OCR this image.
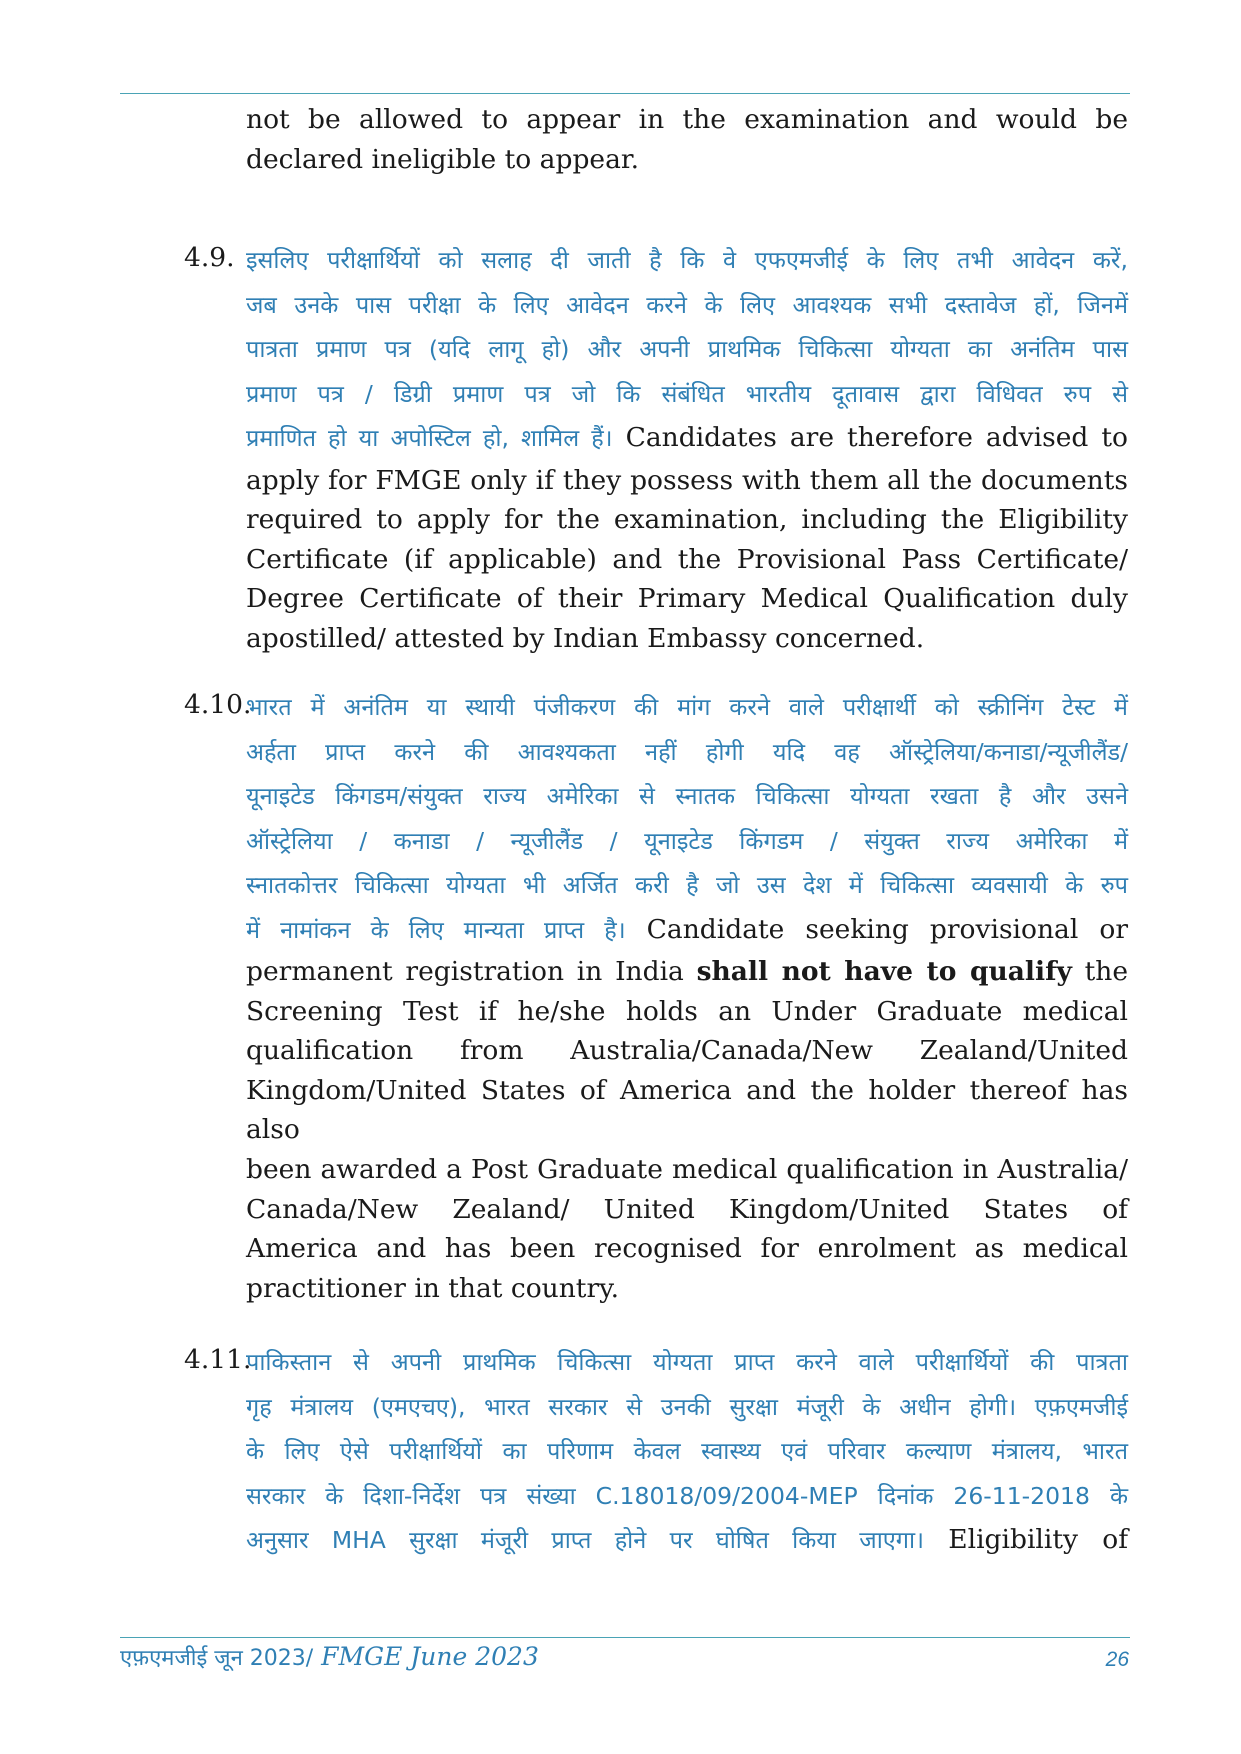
not be allowed to appear in the examination and would be
declared ineligible to appear.
4.9. इसलिए परीक्षार्थियों को सलाह दी जाती है कि वे एफएमजीई के लिए तभी आवेदन करें,
जब उनके पास परीक्षा के लिए आवेदन करने के लिए आवश्यक सभी दस्तावेज हों, जिनमें
पात्रता प्रमाण पत्र (यदि लागू हो) और अपनी प्राथमिक चिकित्सा योग्यता का अनंतिम पास
प्रमाण पत्र / डिग्री प्रमाण पत्र जो कि संबंधित भारतीय दूतावास द्वारा विधिवत रुप से
प्रमाणित हो या अपोस्टिल हो, शामिल हैं। Candidates are therefore advised to
apply for FMGE only if they possess with them all the documents
required to apply for the examination, including the Eligibility
Certificate (if applicable) and the Provisional Pass Certificate/
Degree Certificate of their Primary Medical Qualification duly
apostilled/ attested by Indian Embassy concerned.
4.10.
भारत में अनंतिम या स्थायी पंजीकरण की मांग करने वाले परीक्षार्थी को स्क्रीनिंग टेस्ट में
अर्हता प्राप्त करने की आवश्यकता नहीं होगी यदि वह ऑस्ट्रेलिया/कनाडा/न्यूजीलैंड/
यूनाइटेड किंगडम/संयुक्त राज्य अमेरिका से स्नातक चिकित्सा योग्यता रखता है और उसने
ऑस्ट्रेलिया / कनाडा / न्यूजीलैंड / यूनाइटेड किंगडम / संयुक्त राज्य अमेरिका में
स्नातकोत्तर चिकित्सा योग्यता भी अर्जित करी है जो उस देश में चिकित्सा व्यवसायी के रुप
में नामांकन के लिए मान्यता प्राप्त है। Candidate seeking provisional or
permanent registration in India shall not have to qualify the
Screening Test if he/she holds an Under Graduate medical
qualification from Australia/Canada/New Zealand/United
Kingdom/United States of America and the holder thereof has also
been awarded a Post Graduate medical qualification in Australia/
Canada/New Zealand/ United Kingdom/United States of
America and has been recognised for enrolment as medical
practitioner in that country.
4.11.
पाकिस्तान से अपनी प्राथमिक चिकित्सा योग्यता प्राप्त करने वाले परीक्षार्थियों की पात्रता
गृह मंत्रालय (एमएचए), भारत सरकार से उनकी सुरक्षा मंजूरी के अधीन होगी। एफ़एमजीई
के लिए ऐसे परीक्षार्थियों का परिणाम केवल स्वास्थ्य एवं परिवार कल्याण मंत्रालय, भारत
सरकार के दिशा-निर्देश पत्र संख्या C.18018/09/2004-MEP दिनांक 26-11-2018 के
अनुसार MHA सुरक्षा मंजूरी प्राप्त होने पर घोषित किया जाएगा। Eligibility of
एफ़एमजीई जून 2023/ FMGE June 2023	26
